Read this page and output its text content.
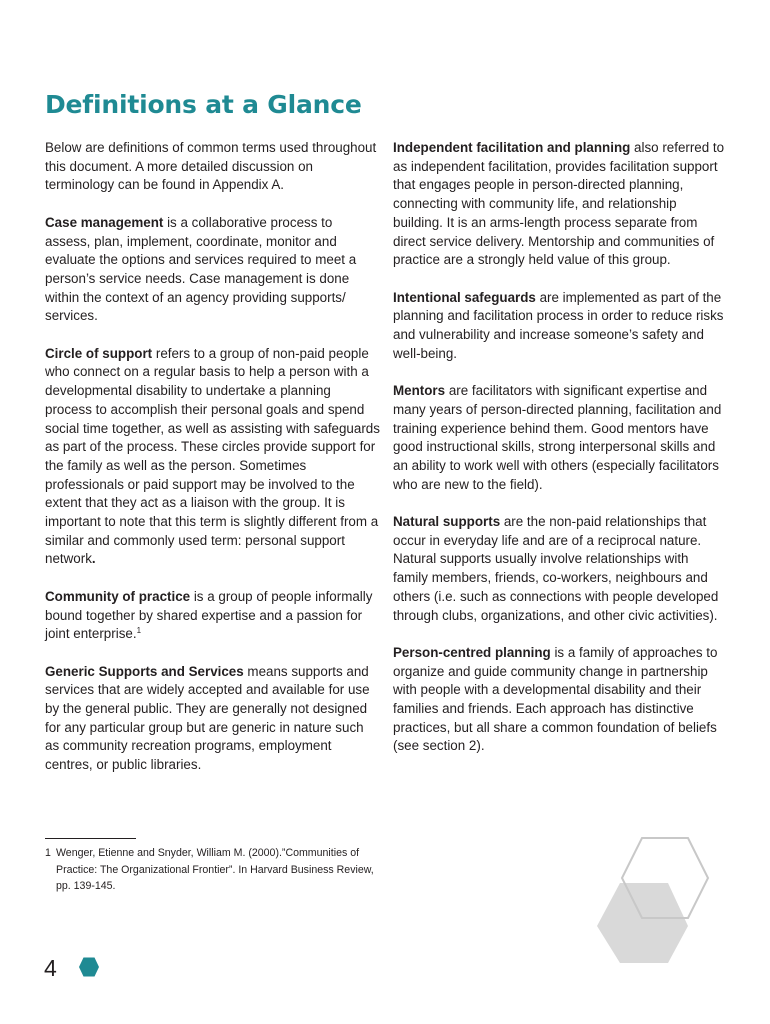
Definitions at a Glance

Below are definitions of common terms used throughout this document. A more detailed discussion on terminology can be found in Appendix A.

Case management is a collaborative process to assess, plan, implement, coordinate, monitor and evaluate the options and services required to meet a person’s service needs. Case management is done within the context of an agency providing supports/ services.

Circle of support refers to a group of non-paid people who connect on a regular basis to help a person with a developmental disability to undertake a planning process to accomplish their personal goals and spend social time together, as well as assisting with safeguards as part of the process. These circles provide support for the family as well as the person. Sometimes professionals or paid support may be involved to the extent that they act as a liaison with the group. It is important to note that this term is slightly different from a similar and commonly used term: personal support network.

Community of practice is a group of people informally bound together by shared expertise and a passion for joint enterprise.$^1$

Generic Supports and Services means supports and services that are widely accepted and available for use by the general public. They are generally not designed for any particular group but are generic in nature such as community recreation programs, employment centres, or public libraries.

Independent facilitation and planning also referred to as independent facilitation, provides facilitation support that engages people in person-directed planning, connecting with community life, and relationship building. It is an arms-length process separate from direct service delivery. Mentorship and communities of practice are a strongly held value of this group.

Intentional safeguards are implemented as part of the planning and facilitation process in order to reduce risks and vulnerability and increase someone’s safety and well-being.

Mentors are facilitators with significant expertise and many years of person-directed planning, facilitation and training experience behind them. Good mentors have good instructional skills, strong interpersonal skills and an ability to work well with others (especially facilitators who are new to the field).

Natural supports are the non-paid relationships that occur in everyday life and are of a reciprocal nature. Natural supports usually involve relationships with family members, friends, co-workers, neighbours and others (i.e. such as connections with people developed through clubs, organizations, and other civic activities).

Person-centred planning is a family of approaches to organize and guide community change in partnership with people with a developmental disability and their families and friends. Each approach has distinctive practices, but all share a common foundation of beliefs (see section 2).

1 Wenger, Etienne and Snyder, William M. (2000).”Communities of Practice: The Organizational Frontier”. In Harvard Business Review, pp. 139-145.
4
